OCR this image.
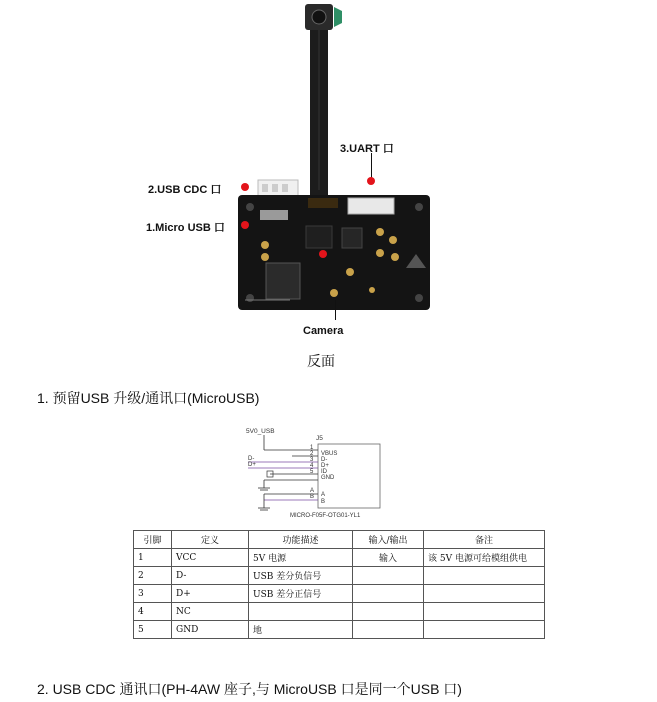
3.UART 口
2.USB CDC 口
1.Micro USB 口
Camera
反面
1. 预留USB 升级/通讯口(MicroUSB)
5V0_USB
J5
D-
D+
1
2
3
4
5
A
B
VBUS
D-
D+
ID
GND
A
B
MICRO-F05F-OTG01-YL1
引脚	定义	功能描述	输入/输出	备注
1	VCC	5V 电源	输入	该 5V 电源可给模组供电
2	D-	USB 差分负信号		
3	D+	USB 差分正信号		
4	NC			
5	GND	地		
2. USB CDC 通讯口(PH-4AW 座子,与 MicroUSB 口是同一个USB 口)
